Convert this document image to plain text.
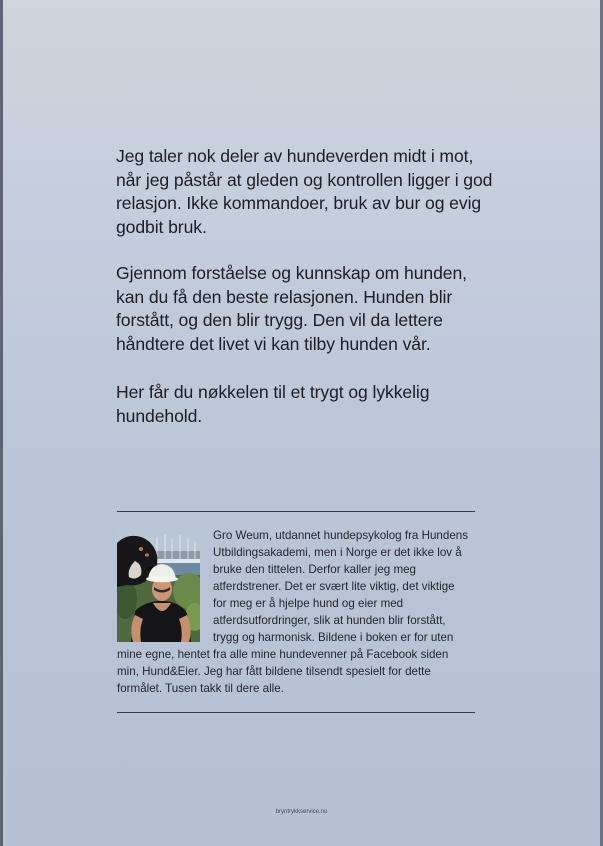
Jeg taler nok deler av hundeverden midt i mot, når jeg påstår at gleden og kontrollen ligger i god relasjon. Ikke kommandoer, bruk av bur og evig godbit bruk.

Gjennom forståelse og kunnskap om hunden, kan du få den beste relasjonen. Hunden blir forstått, og den blir trygg. Den vil da lettere håndtere det livet vi kan tilby hunden vår.

Her får du nøkkelen til et trygt og lykkelig hundehold.

Gro Weum, utdannet hundepsykolog fra Hundens Utbildingsakademi, men i Norge er det ikke lov å bruke den tittelen. Derfor kaller jeg meg atferdstrener. Det er svært lite viktig, det viktige for meg er å hjelpe hund og eier med atferdsutfordringer, slik at hunden blir forstått, trygg og harmonisk. Bildene i boken er for uten mine egne, hentet fra alle mine hundevenner på Facebook siden min, Hund&Eier. Jeg har fått bildene tilsendt spesielt for dette formålet. Tusen takk til dere alle.
bryntrykkservice.no
